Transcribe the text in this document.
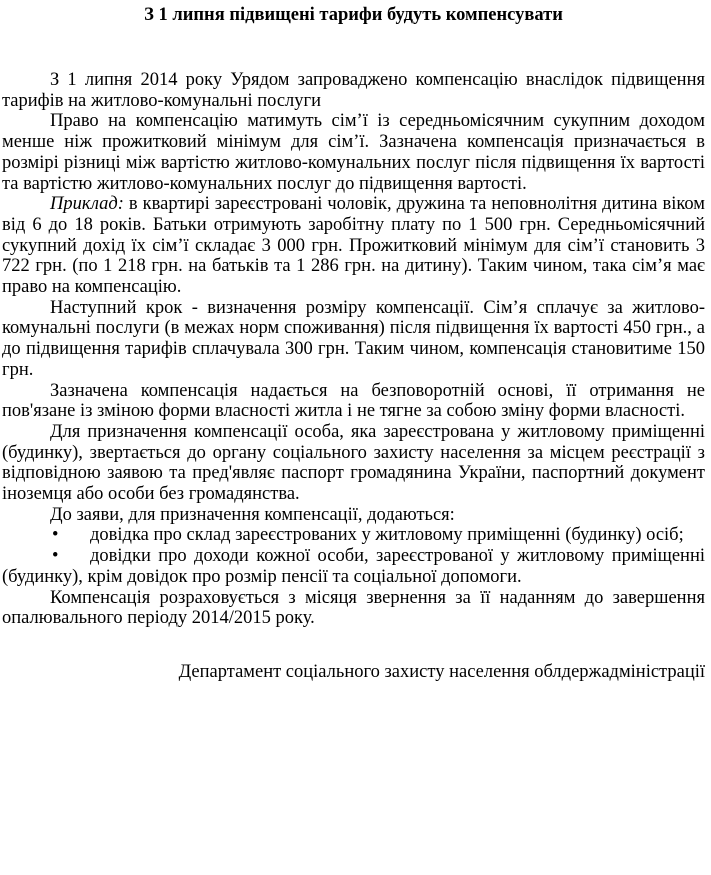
З 1 липня підвищені тарифи будуть компенсувати

З 1 липня 2014 року Урядом запроваджено компенсацію внаслідок підвищення тарифів на житлово-комунальні послуги

Право на компенсацію матимуть сім’ї із середньомісячним сукупним доходом менше ніж прожитковий мінімум для сім’ї. Зазначена компенсація призначається в розмірі різниці між вартістю житлово-комунальних послуг після підвищення їх вартості та вартістю житлово-комунальних послуг до підвищення вартості.

Приклад: в квартирі зареєстровані чоловік, дружина та неповнолітня дитина віком від 6 до 18 років. Батьки отримують заробітну плату по 1 500 грн. Середньомісячний сукупний дохід їх сім’ї складає 3 000 грн. Прожитковий мінімум для сім’ї становить 3 722 грн. (по 1 218 грн. на батьків та 1 286 грн. на дитину). Таким чином, така сім’я має право на компенсацію.

Наступний крок - визначення розміру компенсації. Сім’я сплачує за житлово-комунальні послуги (в межах норм споживання) після підвищення їх вартості 450 грн., а до підвищення тарифів сплачувала 300 грн. Таким чином, компенсація становитиме 150 грн.

Зазначена компенсація надається на безповоротній основі, її отримання не пов'язане із зміною форми власності житла і не тягне за собою зміну форми власності.

Для призначення компенсації особа, яка зареєстрована у житловому приміщенні (будинку), звертається до органу соціального захисту населення за місцем реєстрації з відповідною заявою та пред'являє паспорт громадянина України, паспортний документ іноземця або особи без громадянства.

До заяви, для призначення компенсації, додаються:

• довідка про склад зареєстрованих у житловому приміщенні (будинку) осіб;

• довідки про доходи кожної особи, зареєстрованої у житловому приміщенні (будинку), крім довідок про розмір пенсії та соціальної допомоги.

Компенсація розраховується з місяця звернення за її наданням до завершення опалювального періоду 2014/2015 року.

Департамент соціального захисту населення облдержадміністрації
